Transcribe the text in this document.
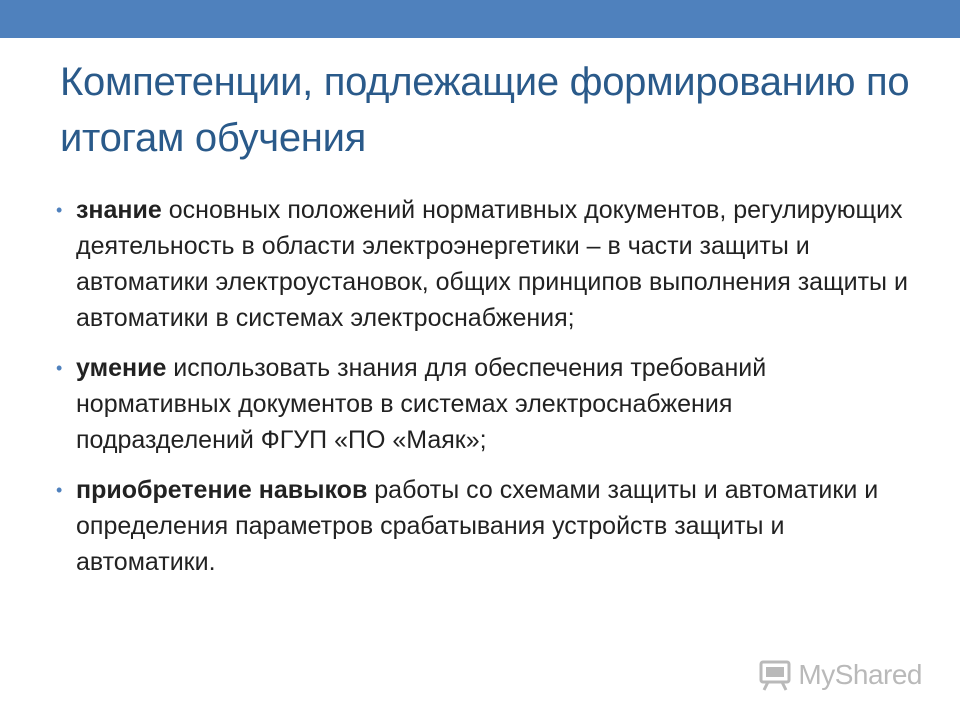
Компетенции, подлежащие формированию по итогам обучения
• знание основных положений нормативных документов, регулирующих деятельность в области электроэнергетики – в части защиты и автоматики электроустановок, общих принципов выполнения защиты и автоматики в системах электроснабжения;
• умение использовать знания для обеспечения требований нормативных документов в системах электроснабжения подразделений ФГУП «ПО «Маяк»;
• приобретение навыков работы со схемами защиты и автоматики и определения параметров срабатывания устройств защиты и автоматики.
MyShared
